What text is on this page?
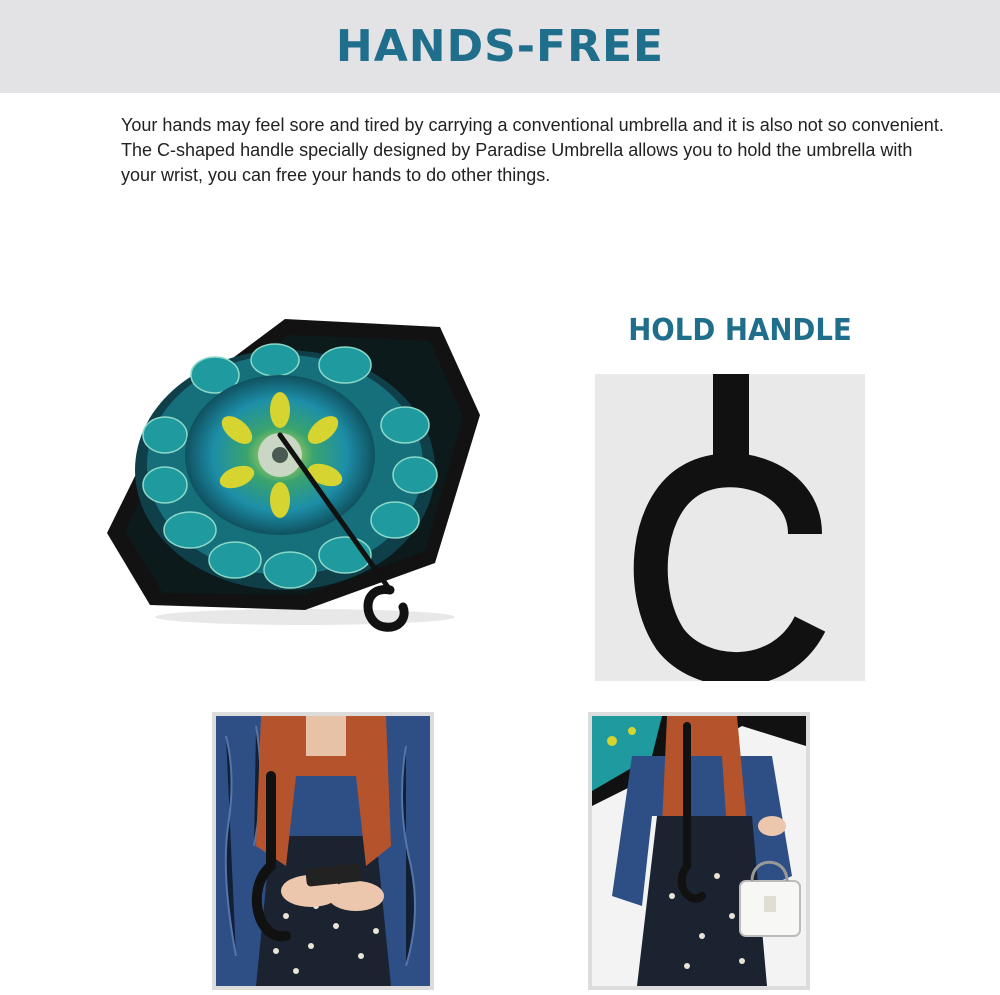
HANDS-FREE

Your hands may feel sore and tired by carrying a conventional umbrella and it is also not so convenient.
The C-shaped handle specially designed by Paradise Umbrella allows you to hold the umbrella with
your wrist, you can free your hands to do other things.

HOLD HANDLE
